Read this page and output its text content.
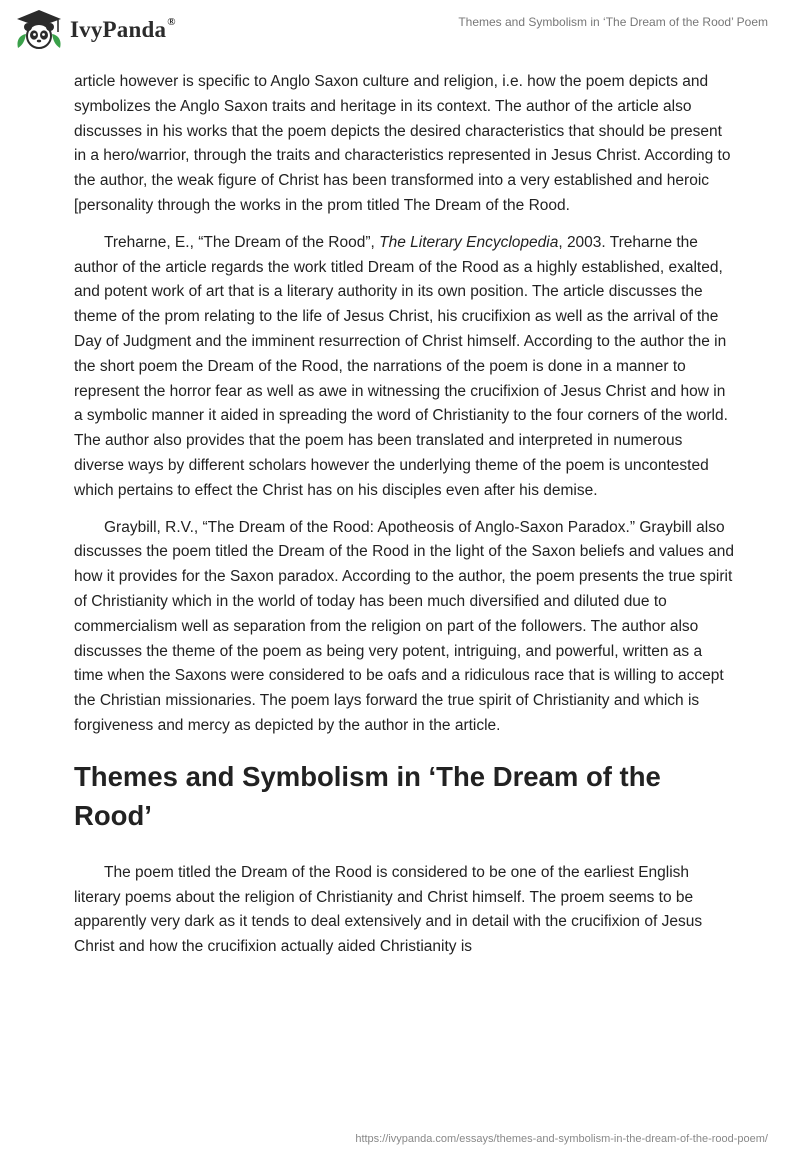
IvyPanda®	Themes and Symbolism in ‘The Dream of the Rood’ Poem

article however is specific to Anglo Saxon culture and religion, i.e. how the poem depicts and symbolizes the Anglo Saxon traits and heritage in its context. The author of the article also discusses in his works that the poem depicts the desired characteristics that should be present in a hero/warrior, through the traits and characteristics represented in Jesus Christ. According to the author, the weak figure of Christ has been transformed into a very established and heroic [personality through the works in the prom titled The Dream of the Rood.

Treharne, E., “The Dream of the Rood”, The Literary Encyclopedia, 2003. Treharne the author of the article regards the work titled Dream of the Rood as a highly established, exalted, and potent work of art that is a literary authority in its own position. The article discusses the theme of the prom relating to the life of Jesus Christ, his crucifixion as well as the arrival of the Day of Judgment and the imminent resurrection of Christ himself. According to the author the in the short poem the Dream of the Rood, the narrations of the poem is done in a manner to represent the horror fear as well as awe in witnessing the crucifixion of Jesus Christ and how in a symbolic manner it aided in spreading the word of Christianity to the four corners of the world. The author also provides that the poem has been translated and interpreted in numerous diverse ways by different scholars however the underlying theme of the poem is uncontested which pertains to effect the Christ has on his disciples even after his demise.

Graybill, R.V., “The Dream of the Rood: Apotheosis of Anglo-Saxon Paradox.” Graybill also discusses the poem titled the Dream of the Rood in the light of the Saxon beliefs and values and how it provides for the Saxon paradox. According to the author, the poem presents the true spirit of Christianity which in the world of today has been much diversified and diluted due to commercialism well as separation from the religion on part of the followers. The author also discusses the theme of the poem as being very potent, intriguing, and powerful, written as a time when the Saxons were considered to be oafs and a ridiculous race that is willing to accept the Christian missionaries. The poem lays forward the true spirit of Christianity and which is forgiveness and mercy as depicted by the author in the article.

Themes and Symbolism in ‘The Dream of the Rood’

The poem titled the Dream of the Rood is considered to be one of the earliest English literary poems about the religion of Christianity and Christ himself. The proem seems to be apparently very dark as it tends to deal extensively and in detail with the crucifixion of Jesus Christ and how the crucifixion actually aided Christianity is

https://ivypanda.com/essays/themes-and-symbolism-in-the-dream-of-the-rood-poem/
